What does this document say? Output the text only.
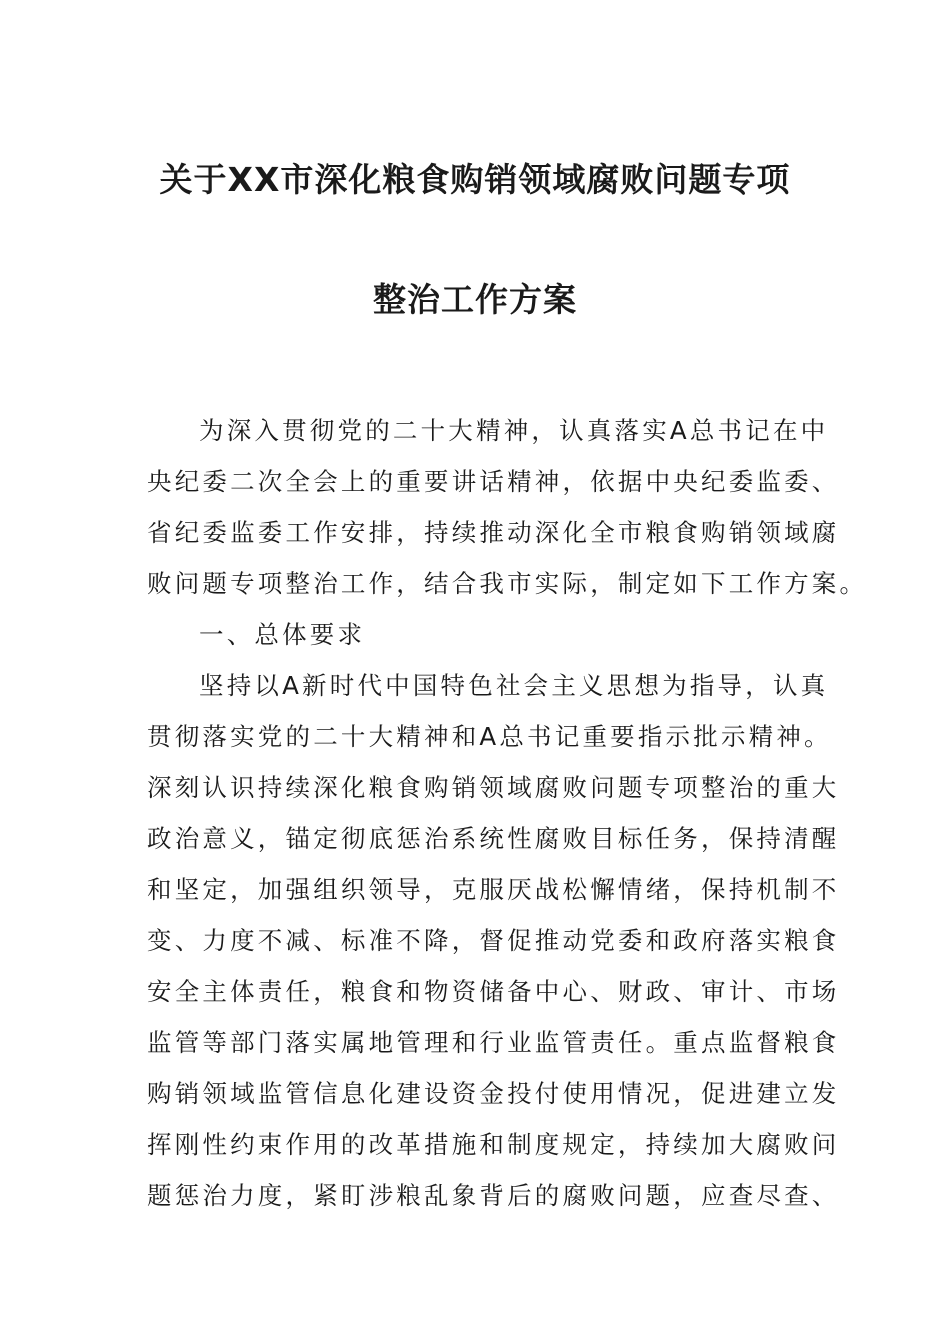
关于XX市深化粮食购销领域腐败问题专项
整治工作方案
为深入贯彻党的二十大精神，认真落实A总书记在中
央纪委二次全会上的重要讲话精神，依据中央纪委监委、
省纪委监委工作安排，持续推动深化全市粮食购销领域腐
败问题专项整治工作，结合我市实际，制定如下工作方案。
一、总体要求
坚持以A新时代中国特色社会主义思想为指导，认真
贯彻落实党的二十大精神和A总书记重要指示批示精神。
深刻认识持续深化粮食购销领域腐败问题专项整治的重大
政治意义，锚定彻底惩治系统性腐败目标任务，保持清醒
和坚定，加强组织领导，克服厌战松懈情绪，保持机制不
变、力度不减、标准不降，督促推动党委和政府落实粮食
安全主体责任，粮食和物资储备中心、财政、审计、市场
监管等部门落实属地管理和行业监管责任。重点监督粮食
购销领域监管信息化建设资金投付使用情况，促进建立发
挥刚性约束作用的改革措施和制度规定，持续加大腐败问
题惩治力度，紧盯涉粮乱象背后的腐败问题，应查尽查、
